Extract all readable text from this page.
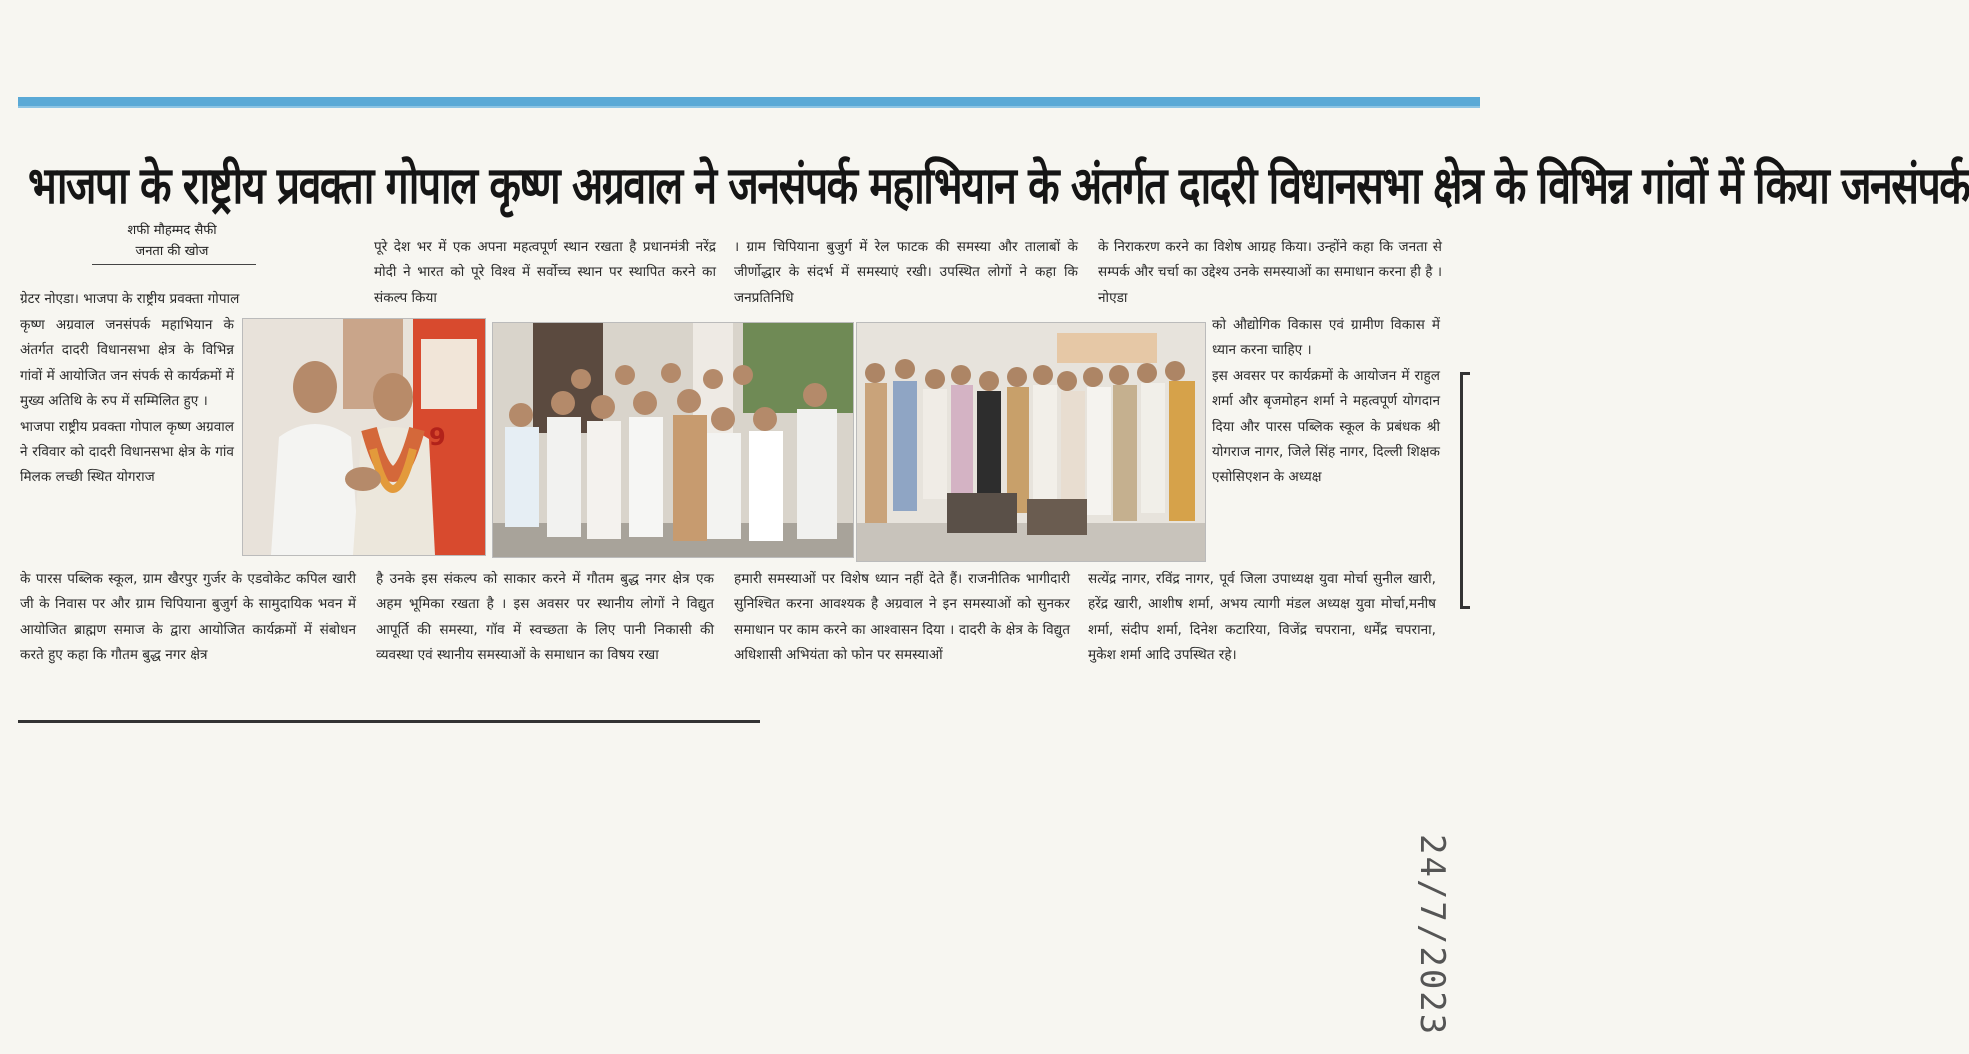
भाजपा के राष्ट्रीय प्रवक्ता गोपाल कृष्ण अग्रवाल ने जनसंपर्क महाभियान के अंतर्गत दादरी विधानसभा क्षेत्र के विभिन्न गांवों में किया जनसंपर्क
शफी मौहम्मद सैफी
जनता की खोज

ग्रेटर नोएडा। भाजपा के राष्ट्रीय प्रवक्ता गोपाल

कृष्ण अग्रवाल जनसंपर्क महाभियान के अंतर्गत दादरी विधानसभा क्षेत्र के विभिन्न गांवों में आयोजित जन संपर्क से कार्यक्रमों में मुख्य अतिथि के रुप में सम्मिलित हुए ।

भाजपा राष्ट्रीय प्रवक्ता गोपाल कृष्ण अग्रवाल ने रविवार को दादरी विधानसभा क्षेत्र के गांव मिलक लच्छी स्थित योगराज

के पारस पब्लिक स्कूल, ग्राम खैरपुर गुर्जर के एडवोकेट कपिल खारी जी के निवास पर और ग्राम चिपियाना बुजुर्ग के सामुदायिक भवन में आयोजित ब्राह्मण समाज के द्वारा आयोजित कार्यक्रमों में संबोधन करते हुए कहा कि गौतम बुद्ध नगर क्षेत्र

पूरे देश भर में एक अपना महत्वपूर्ण स्थान रखता है प्रधानमंत्री नरेंद्र मोदी ने भारत को पूरे विश्व में सर्वोच्च स्थान पर स्थापित करने का संकल्प किया

है उनके इस संकल्प को साकार करने में गौतम बुद्ध नगर क्षेत्र एक अहम भूमिका रखता है । इस अवसर पर स्थानीय लोगों ने विद्युत आपूर्ति की समस्या, गॉव में स्वच्छता के लिए पानी निकासी की व्यवस्था एवं स्थानीय समस्याओं के समाधान का विषय रखा

। ग्राम चिपियाना बुजुर्ग में रेल फाटक की समस्या और तालाबों के जीर्णोद्धार के संदर्भ में समस्याएं रखी। उपस्थित लोगों ने कहा कि जनप्रतिनिधि

हमारी समस्याओं पर विशेष ध्यान नहीं देते हैं। राजनीतिक भागीदारी सुनिश्चित करना आवश्यक है अग्रवाल ने इन समस्याओं को सुनकर समाधान पर काम करने का आश्वासन दिया । दादरी के क्षेत्र के विद्युत अधिशासी अभियंता को फोन पर समस्याओं

के निराकरण करने का विशेष आग्रह किया। उन्होंने कहा कि जनता से सम्पर्क और चर्चा का उद्देश्य उनके समस्याओं का समाधान करना ही है । नोएडा

को औद्योगिक विकास एवं ग्रामीण विकास में ध्यान करना चाहिए ।

इस अवसर पर कार्यक्रमों के आयोजन में राहुल शर्मा और बृजमोहन शर्मा ने महत्वपूर्ण योगदान दिया और पारस पब्लिक स्कूल के प्रबंधक श्री योगराज नागर, जिले सिंह नागर, दिल्ली शिक्षक एसोसिएशन के अध्यक्ष

सत्येंद्र नागर, रविंद्र नागर, पूर्व जिला उपाध्यक्ष युवा मोर्चा सुनील खारी, हरेंद्र खारी, आशीष शर्मा, अभय त्यागी मंडल अध्यक्ष युवा मोर्चा,मनीष शर्मा, संदीप शर्मा, दिनेश कटारिया, विजेंद्र चपराना, धर्मेंद्र चपराना, मुकेश शर्मा आदि उपस्थित रहे।

9
24/7/2023
